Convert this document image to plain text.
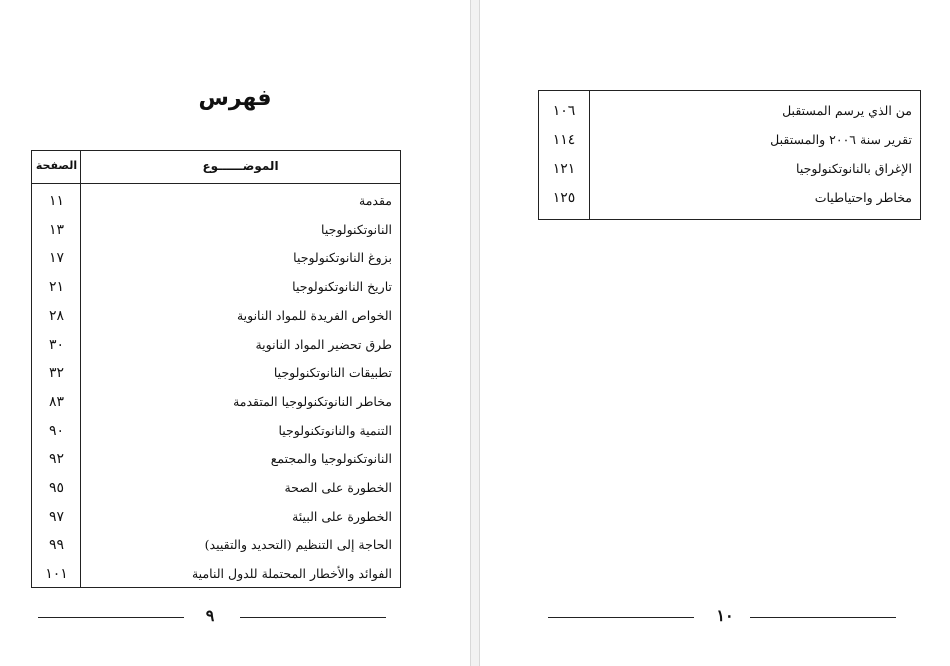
فهرس
الصفحة	الموضــــــوع
١١	مقدمة
١٣	النانوتكنولوجيا
١٧	بزوغ النانوتكنولوجيا
٢١	تاريخ النانوتكنولوجيا
٢٨	الخواص الفريدة للمواد النانوية
٣٠	طرق تحضير المواد النانوية
٣٢	تطبيقات النانوتكنولوجيا
٨٣	مخاطر النانوتكنولوجيا المتقدمة
٩٠	التنمية والنانوتكنولوجيا
٩٢	النانوتكنولوجيا والمجتمع
٩٥	الخطورة على الصحة
٩٧	الخطورة على البيئة
٩٩	الحاجة إلى التنظيم (التحديد والتقييد)
١٠١	الفوائد والأخطار المحتملة للدول النامية
٩
١٠٦	من الذي يرسم المستقبل
١١٤	تقرير سنة ٢٠٠٦ والمستقبل
١٢١	الإغراق بالنانوتكنولوجيا
١٢٥	مخاطر واحتياطيات
١٠
